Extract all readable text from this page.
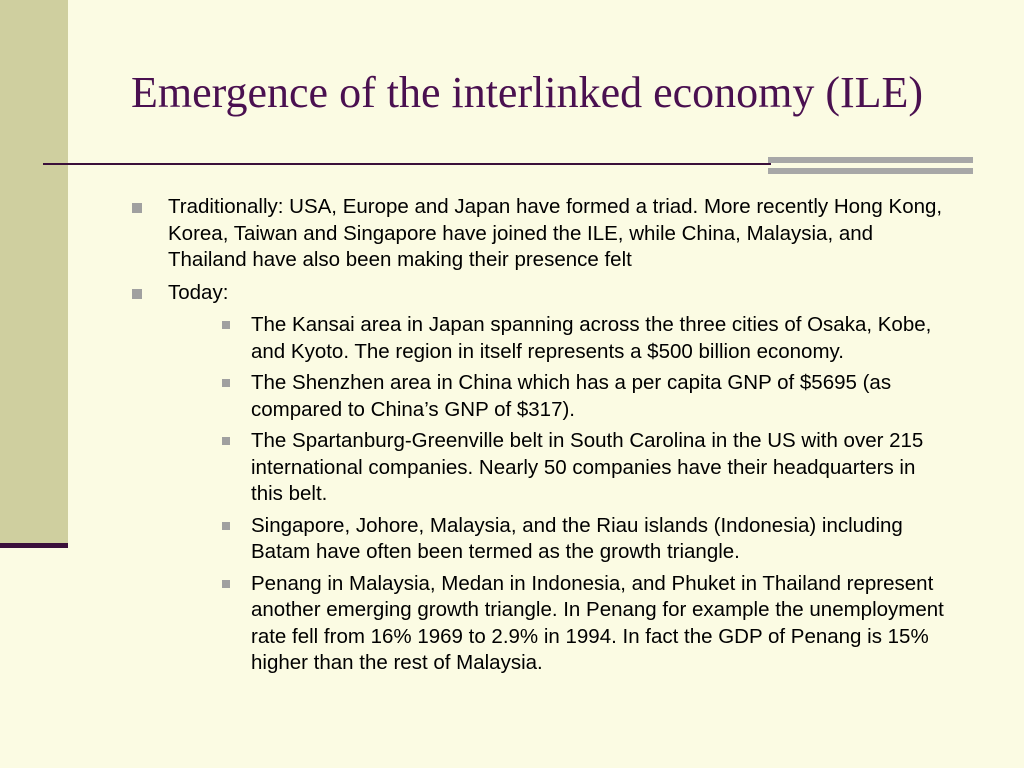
Emergence of the interlinked economy (ILE)
Traditionally: USA, Europe and Japan have formed a triad. More recently Hong Kong, Korea, Taiwan and Singapore have joined the ILE, while China, Malaysia, and Thailand have also been making their presence felt
Today:
The Kansai area in Japan spanning across the three cities of Osaka, Kobe, and Kyoto. The region in itself represents a $500 billion economy.
The Shenzhen area in China which has a per capita GNP of $5695 (as compared to China’s GNP of $317).
The Spartanburg-Greenville belt in South Carolina in the US with over 215 international companies. Nearly 50 companies have their headquarters in this belt.
Singapore, Johore, Malaysia, and the Riau islands (Indonesia) including Batam have often been termed as the growth triangle.
Penang in Malaysia, Medan in Indonesia, and Phuket in Thailand represent another emerging growth triangle. In Penang for example the unemployment rate fell from 16% 1969 to 2.9% in 1994. In fact the GDP of Penang is 15% higher than the rest of Malaysia.
